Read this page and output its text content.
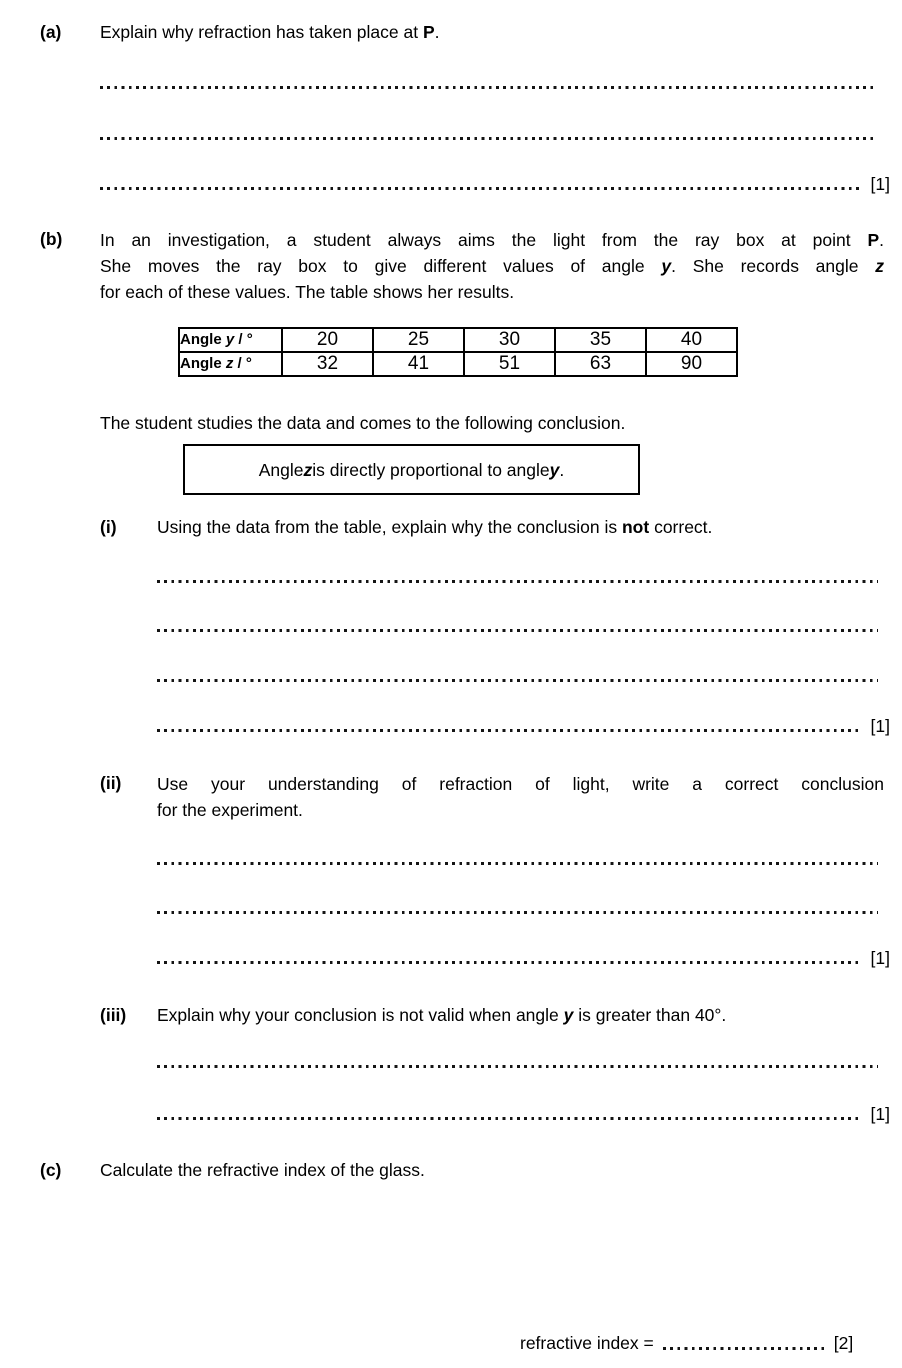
(a) Explain why refraction has taken place at P.
[1]
(b) In an investigation, a student always aims the light from the ray box at point P.
She moves the ray box to give different values of angle y. She records angle z
for each of these values. The table shows her results.
Angle y / °	20	25	30	35	40
Angle z / °	32	41	51	63	90
The student studies the data and comes to the following conclusion.
Angle z is directly proportional to angle y .
(i) Using the data from the table, explain why the conclusion is not correct.
[1]
(ii) Use your understanding of refraction of light, write a correct conclusion
for the experiment.
[1]
(iii) Explain why your conclusion is not valid when angle y is greater than 40°.
[1]
(c) Calculate the refractive index of the glass.
refractive index =	[2]
